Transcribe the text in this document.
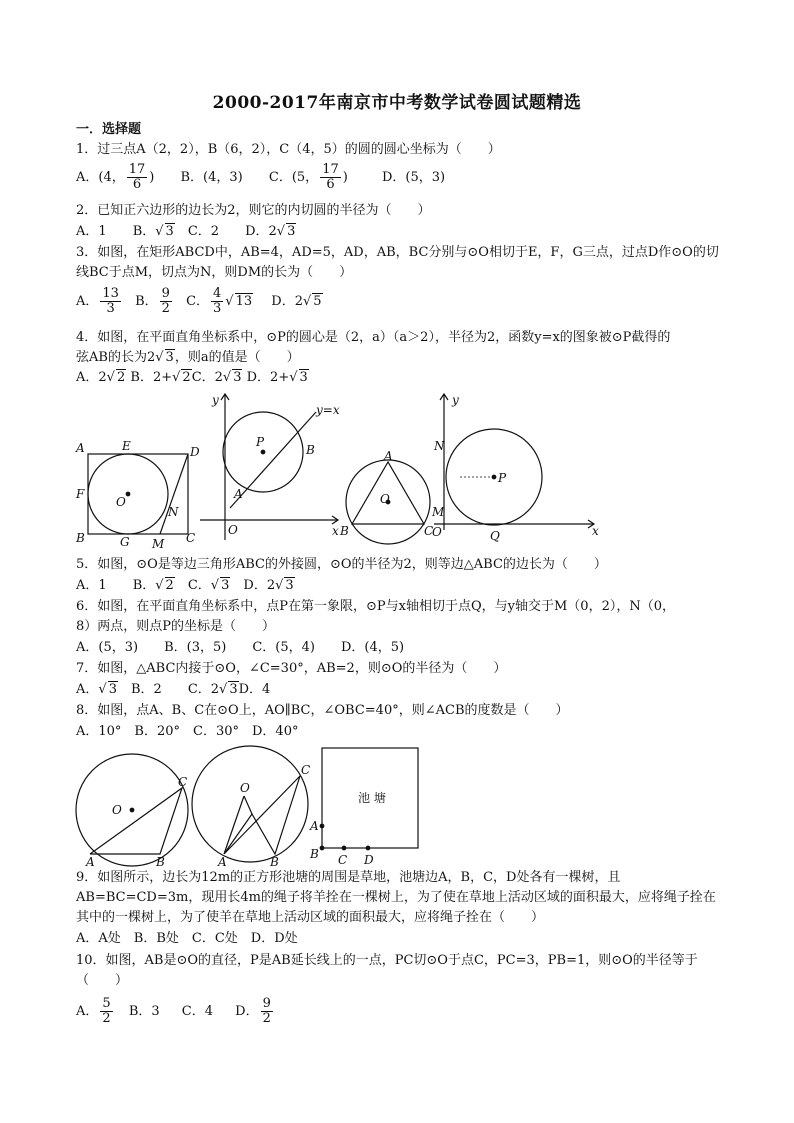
2000-2017年南京市中考数学试卷圆试题精选
一．选择题
1．过三点A（2，2），B（6，2），C（4，5）的圆的圆心坐标为（　　）
A．(4， $\frac{17}{6}$ ) B．(4，3) C．(5， $\frac{17}{6}$ )	D．(5，3)
2．已知正六边形的边长为2，则它的内切圆的半径为（　　）
A．1　　 B．√ 3　 C．2　　 D．2√ 3
3．如图，在矩形ABCD中，AB=4，AD=5，AD，AB，BC分别与⊙O相切于E，F，G三点，过点D作⊙O的切
线BC于点M，切点为N，则DM的长为（　　）
A． $\frac{13}{3}$ B． $\frac{9}{2}$ C． $\frac{4}{3}$ √ 13 D．2√ 5
4．如图，在平面直角坐标系中，⊙P的圆心是（2，a）（a＞2），半径为2，函数y=x的图象被⊙P截得的
弦AB的长为2√ 3，则a的值是（　　）
A．2√ 2 B．2+√ 2C．2√ 3 D．2+√ 3
A	E	D
F
O
N
B	G M C
y
x
O
y=x
P
A
B	A
B	C
O
y
x
O
N
M
P
Q
5．如图，⊙O是等边三角形ABC的外接圆，⊙O的半径为2，则等边△ABC的边长为（　　）
A．1　　 B．√ 2　 C．√ 3　 D．2√ 3
6．如图，在平面直角坐标系中，点P在第一象限，⊙P与x轴相切于点Q，与y轴交于M（0，2），N（0，
8）两点，则点P的坐标是（　　）
A．(5，3)　　B．(3，5)　　C．(5，4)　　D．(4，5)
7．如图，△ABC内接于⊙O，∠C=30°，AB=2，则⊙O的半径为（　　）
A．√ 3　 B．2　　 C．2√ 3D．4
8．如图，点A、B、C在⊙O上，AO∥BC，∠OBC=40°，则∠ACB的度数是（　　）
A．10°　B．20°　C．30°　D．40°
C
O
A	B
C
O
A	B
池 塘
A
B C D
9．如图所示，边长为12m的正方形池塘的周围是草地，池塘边A，B，C，D处各有一棵树，且
AB=BC=CD=3m，现用长4m的绳子将羊拴在一棵树上，为了使在草地上活动区域的面积最大，应将绳子拴在
其中的一棵树上，为了使羊在草地上活动区域的面积最大，应将绳子拴在（　　）
A．A处　B．B处　C．C处　D．D处
10．如图，AB是⊙O的直径，P是AB延长线上的一点，PC切⊙O于点C，PC=3，PB=1，则⊙O的半径等于
（　　）
A． $\frac{5}{2}$ B．3 C．4 D． $\frac{9}{2}$
